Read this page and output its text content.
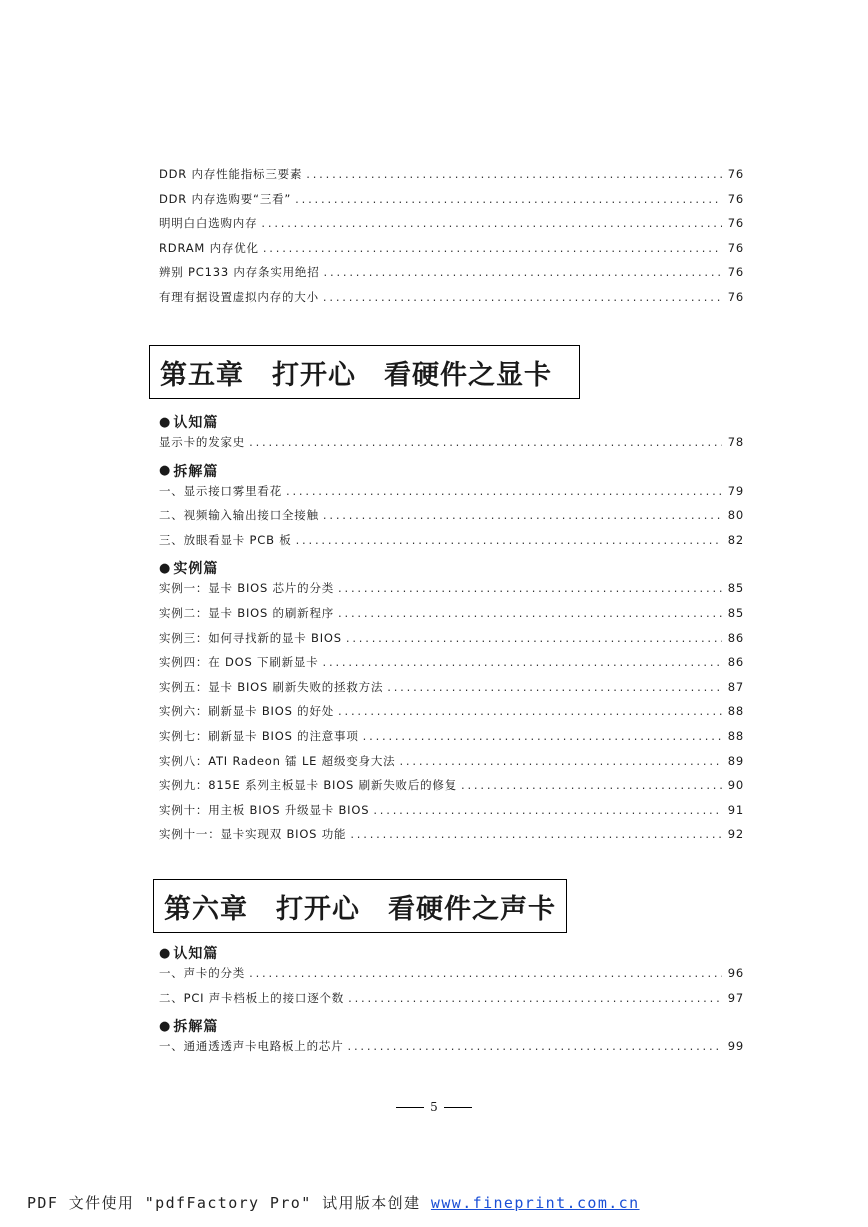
DDR 内存性能指标三要素 .....	76
DDR 内存选购要“三看” .....	76
明明白白选购内存 .....	76
RDRAM 内存优化 .....	76
辨别 PC133 内存条实用绝招 .....	76
有理有据设置虚拟内存的大小 .....	76
第五章　打开心　看硬件之显卡
● 认知篇
显示卡的发家史 .....	78
● 拆解篇
一、显示接口雾里看花 .....	79
二、视频输入输出接口全接触 .....	80
三、放眼看显卡 PCB 板 .....	82
● 实例篇
实例一：显卡 BIOS 芯片的分类 .....	85
实例二：显卡 BIOS 的刷新程序 .....	85
实例三：如何寻找新的显卡 BIOS .....	86
实例四：在 DOS 下刷新显卡 .....	86
实例五：显卡 BIOS 刷新失败的拯救方法 .....	87
实例六：刷新显卡 BIOS 的好处 .....	88
实例七：刷新显卡 BIOS 的注意事项 .....	88
实例八：ATI Radeon 镭 LE 超级变身大法 .....	89
实例九：815E 系列主板显卡 BIOS 刷新失败后的修复 .....	90
实例十：用主板 BIOS 升级显卡 BIOS .....	91
实例十一：显卡实现双 BIOS 功能 .....	92
第六章　打开心　看硬件之声卡
● 认知篇
一、声卡的分类 .....	96
二、PCI 声卡档板上的接口逐个数 .....	97
● 拆解篇
一、通通透透声卡电路板上的芯片 .....	99
5
PDF 文件使用 "pdfFactory Pro" 试用版本创建 www.fineprint.com.cn
